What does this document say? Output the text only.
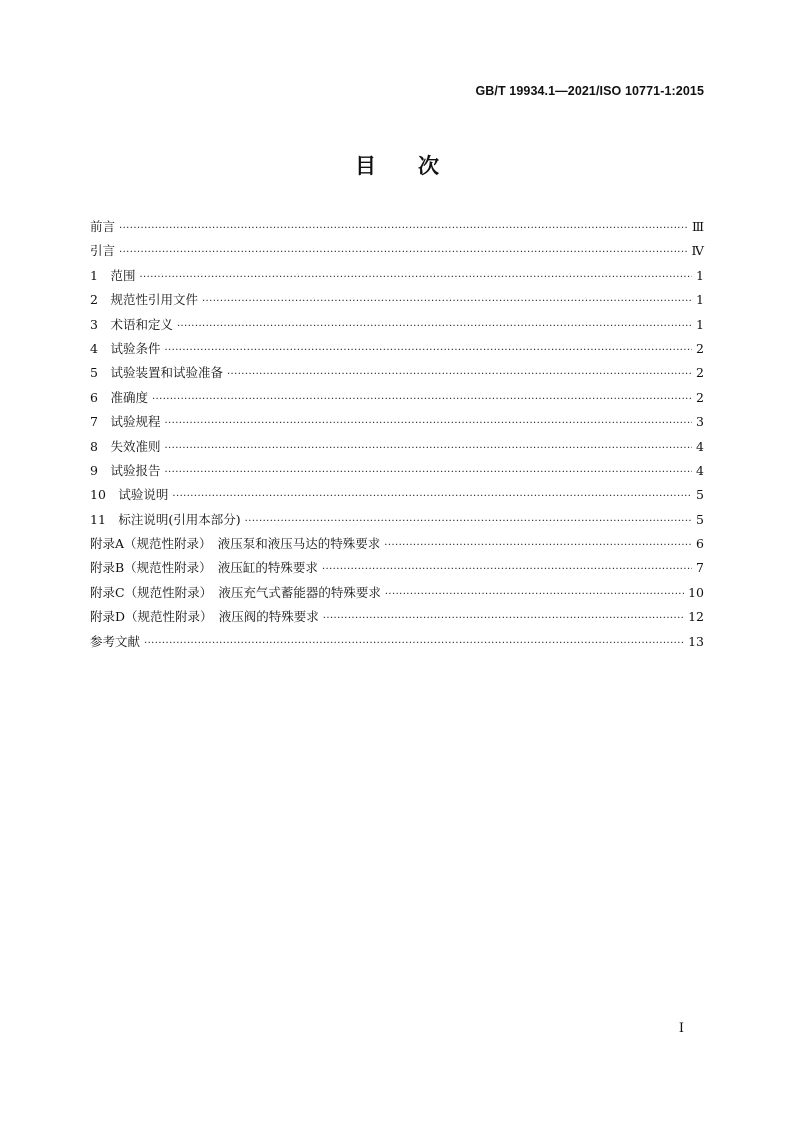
GB/T 19934.1—2021/ISO 10771-1:2015
目次
前言 ·····	Ⅲ
引言 ·····	Ⅳ
1　范围 ·····	1
2　规范性引用文件 ·····	1
3　术语和定义 ·····	1
4　试验条件 ·····	2
5　试验装置和试验准备 ·····	2
6　准确度 ·····	2
7　试验规程 ·····	3
8　失效准则 ·····	4
9　试验报告 ·····	4
10　试验说明 ·····	5
11　标注说明(引用本部分) ·····	5
附录A（规范性附录）　液压泵和液压马达的特殊要求 ·····	6
附录B（规范性附录）　液压缸的特殊要求 ·····	7
附录C（规范性附录）　液压充气式蓄能器的特殊要求 ·····	10
附录D（规范性附录）　液压阀的特殊要求 ·····	12
参考文献 ·····	13
I
